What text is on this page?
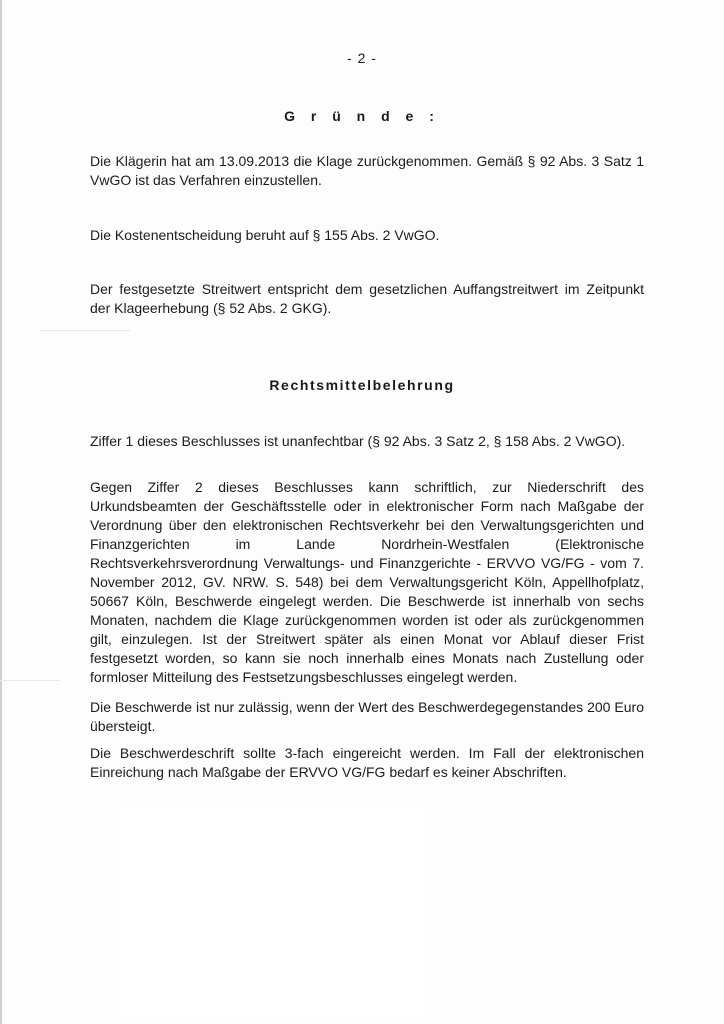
- 2 -
G r ü n d e :

Die Klägerin hat am 13.09.2013 die Klage zurückgenommen. Gemäß § 92 Abs. 3 Satz 1 VwGO ist das Verfahren einzustellen.

Die Kostenentscheidung beruht auf § 155 Abs. 2 VwGO.

Der festgesetzte Streitwert entspricht dem gesetzlichen Auffangstreitwert im Zeitpunkt der Klageerhebung (§ 52 Abs. 2 GKG).

Rechtsmittelbelehrung

Ziffer 1 dieses Beschlusses ist unanfechtbar (§ 92 Abs. 3 Satz 2, § 158 Abs. 2 VwGO).

Gegen Ziffer 2 dieses Beschlusses kann schriftlich, zur Niederschrift des Urkundsbeamten der Geschäftsstelle oder in elektronischer Form nach Maßgabe der Verordnung über den elektronischen Rechtsverkehr bei den Verwaltungsgerichten und Finanzgerichten im Lande Nordrhein-Westfalen (Elektronische Rechtsverkehrsverordnung Verwaltungs- und Finanzgerichte - ERVVO VG/FG - vom 7. November 2012, GV. NRW. S. 548) bei dem Verwaltungsgericht Köln, Appellhofplatz, 50667 Köln, Beschwerde eingelegt werden. Die Beschwerde ist innerhalb von sechs Monaten, nachdem die Klage zurückgenommen worden ist oder als zurückgenommen gilt, einzulegen. Ist der Streitwert später als einen Monat vor Ablauf dieser Frist festgesetzt worden, so kann sie noch innerhalb eines Monats nach Zustellung oder formloser Mitteilung des Festsetzungsbeschlusses eingelegt werden.

Die Beschwerde ist nur zulässig, wenn der Wert des Beschwerdegegenstandes 200 Euro übersteigt.

Die Beschwerdeschrift sollte 3-fach eingereicht werden. Im Fall der elektronischen Einreichung nach Maßgabe der ERVVO VG/FG bedarf es keiner Abschriften.
